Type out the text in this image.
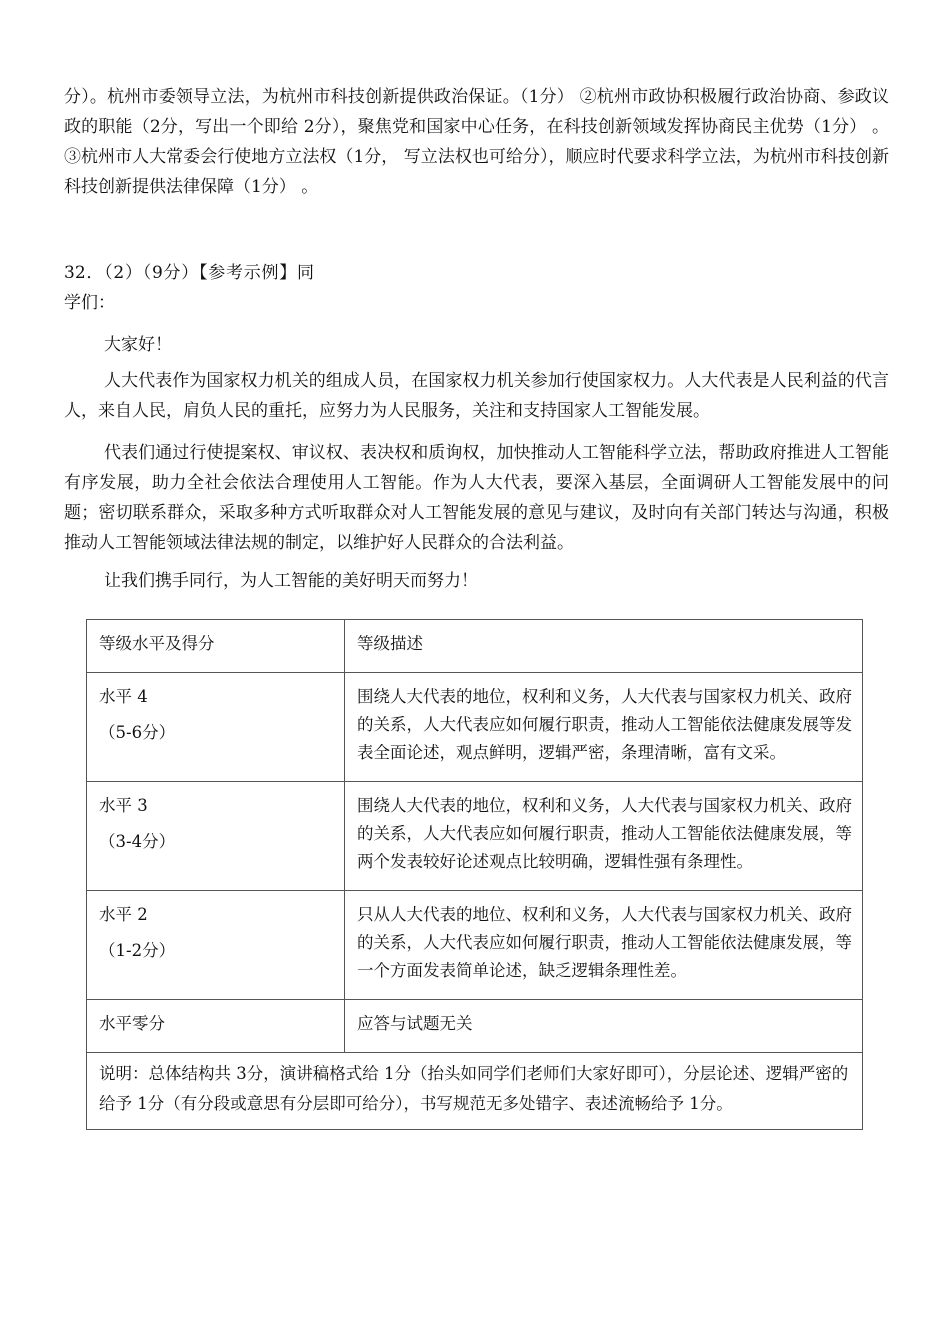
分）。杭州市委领导立法，为杭州市科技创新提供政治保证。（1分） ②杭州市政协积极履行政治协商、参政议政的职能（2分，写出一个即给 2分），聚焦党和国家中心任务，在科技创新领域发挥协商民主优势（1分） 。③杭州市人大常委会行使地方立法权（1分， 写立法权也可给分），顺应时代要求科学立法，为杭州市科技创新科技创新提供法律保障（1分） 。

32．（2）（9分）【参考示例】同学们：

大家好！

人大代表作为国家权力机关的组成人员，在国家权力机关参加行使国家权力。人大代表是人民利益的代言人，来自人民，肩负人民的重托，应努力为人民服务，关注和支持国家人工智能发展。

代表们通过行使提案权、审议权、表决权和质询权，加快推动人工智能科学立法，帮助政府推进人工智能有序发展，助力全社会依法合理使用人工智能。作为人大代表，要深入基层，全面调研人工智能发展中的问题；密切联系群众，采取多种方式听取群众对人工智能发展的意见与建议，及时向有关部门转达与沟通，积极推动人工智能领域法律法规的制定，以维护好人民群众的合法利益。

让我们携手同行，为人工智能的美好明天而努力！

等级水平及得分	等级描述

水平 4
（5-6分）	围绕人大代表的地位，权利和义务，人大代表与国家权力机关、政府的关系，人大代表应如何履行职责，推动人工智能依法健康发展等发表全面论述，观点鲜明，逻辑严密，条理清晰，富有文采。

水平 3
（3-4分）	围绕人大代表的地位，权利和义务，人大代表与国家权力机关、政府的关系，人大代表应如何履行职责，推动人工智能依法健康发展，等两个发表较好论述观点比较明确，逻辑性强有条理性。

水平 2
（1-2分）	只从人大代表的地位、权利和义务，人大代表与国家权力机关、政府的关系，人大代表应如何履行职责，推动人工智能依法健康发展，等一个方面发表简单论述，缺乏逻辑条理性差。
水平零分	应答与试题无关
说明：总体结构共 3分，演讲稿格式给 1分（抬头如同学们老师们大家好即可），分层论述、逻辑严密的给予 1分（有分段或意思有分层即可给分），书写规范无多处错字、表述流畅给予 1分。	
